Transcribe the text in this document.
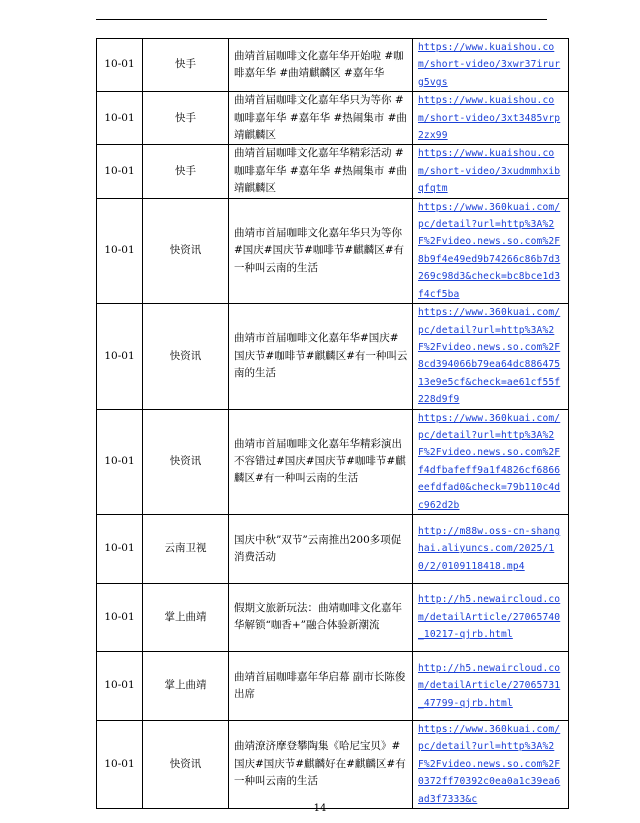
10-01	快手	曲靖首届咖啡文化嘉年华开始啦 #咖啡嘉年华 #曲靖麒麟区 #嘉年华	https://www.kuaishou.com/short-video/3xwr37irurg5vgs
10-01	快手	曲靖首届咖啡文化嘉年华只为等你 #咖啡嘉年华 #嘉年华 #热闹集市 #曲靖麒麟区	https://www.kuaishou.com/short-video/3xt3485vrp2zx99
10-01	快手	曲靖首届咖啡文化嘉年华精彩活动 #咖啡嘉年华 #嘉年华 #热闹集市 #曲靖麒麟区	https://www.kuaishou.com/short-video/3xudmmhxibqfqtm
10-01	快资讯	曲靖市首届咖啡文化嘉年华只为等你#国庆#国庆节#咖啡节#麒麟区#有一种叫云南的生活	https://www.360kuai.com/pc/detail?url=http%3A%2F%2Fvideo.news.so.com%2F8b9f4e49ed9b74266c86b7d3269c98d3&check=bc8bce1d3f4cf5ba
10-01	快资讯	曲靖市首届咖啡文化嘉年华#国庆#国庆节#咖啡节#麒麟区#有一种叫云南的生活	https://www.360kuai.com/pc/detail?url=http%3A%2F%2Fvideo.news.so.com%2F8cd394066b79ea64dc88647513e9e5cf&check=ae61cf55f228d9f9
10-01	快资讯	曲靖市首届咖啡文化嘉年华精彩演出不容错过#国庆#国庆节#咖啡节#麒麟区#有一种叫云南的生活	https://www.360kuai.com/pc/detail?url=http%3A%2F%2Fvideo.news.so.com%2Ff4dfbafeff9a1f4826cf6866eefdfad0&check=79b110c4dc962d2b
10-01	云南卫视	国庆中秋”双节”云南推出200多项促消费活动	http://m88w.oss-cn-shanghai.aliyuncs.com/2025/10/2/0109118418.mp4
10-01	掌上曲靖	假期文旅新玩法：曲靖咖啡文化嘉年华解锁“咖香+”融合体验新潮流	http://h5.newaircloud.com/detailArticle/27065740_10217-qjrb.html
10-01	掌上曲靖	曲靖首届咖啡嘉年华启幕 副市长陈俊出席	http://h5.newaircloud.com/detailArticle/27065731_47799-qjrb.html
10-01	快资讯	曲靖潦济摩登攀陶集《哈尼宝贝》#国庆#国庆节#麒麟好在#麒麟区#有一种叫云南的生活	https://www.360kuai.com/pc/detail?url=http%3A%2F%2Fvideo.news.so.com%2F0372ff70392c0ea0a1c39ea6ad3f7333&c
14
